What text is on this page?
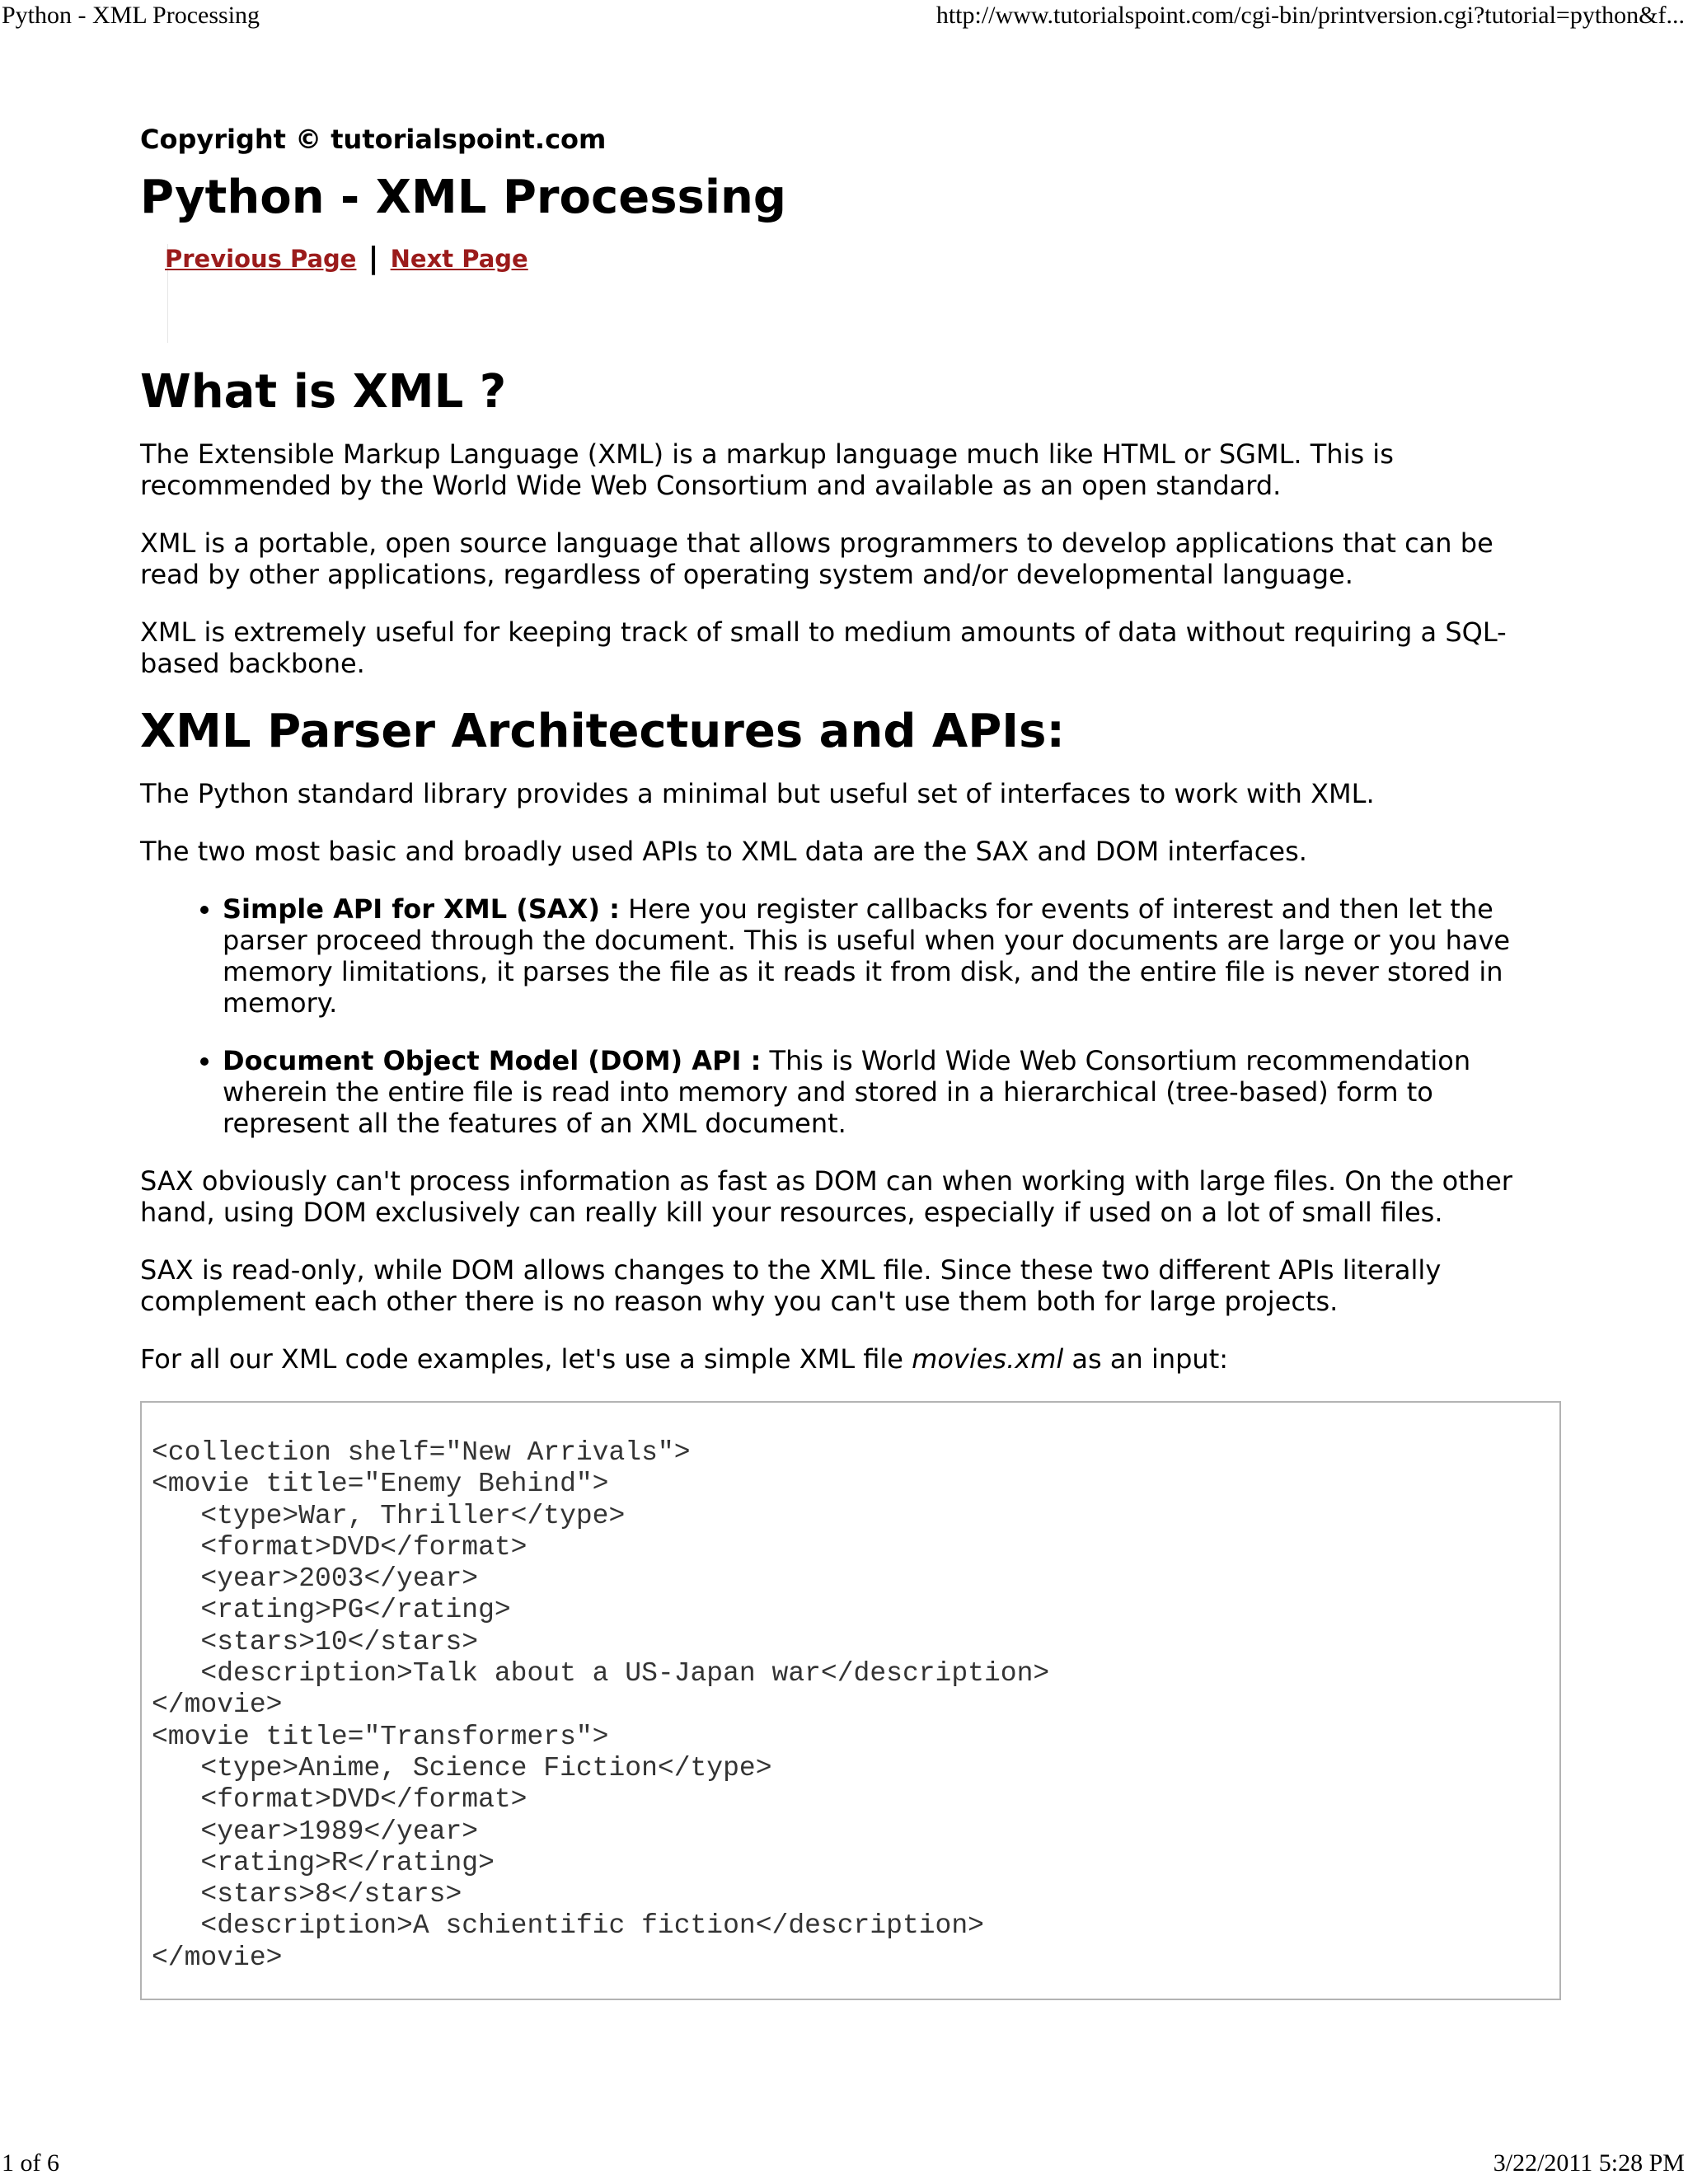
Python - XML Processing	http://www.tutorialspoint.com/cgi-bin/printversion.cgi?tutorial=python&f...
Copyright © tutorialspoint.com
Python - XML Processing
Previous Page | Next Page
What is XML ?

The Extensible Markup Language (XML) is a markup language much like HTML or SGML. This is recommended by the World Wide Web Consortium and available as an open standard.

XML is a portable, open source language that allows programmers to develop applications that can be read by other applications, regardless of operating system and/or developmental language.

XML is extremely useful for keeping track of small to medium amounts of data without requiring a SQL-based backbone.

XML Parser Architectures and APIs:

The Python standard library provides a minimal but useful set of interfaces to work with XML.

The two most basic and broadly used APIs to XML data are the SAX and DOM interfaces.

• Simple API for XML (SAX) : Here you register callbacks for events of interest and then let the parser proceed through the document. This is useful when your documents are large or you have memory limitations, it parses the file as it reads it from disk, and the entire file is never stored in memory.
• Document Object Model (DOM) API : This is World Wide Web Consortium recommendation wherein the entire file is read into memory and stored in a hierarchical (tree-based) form to represent all the features of an XML document.

SAX obviously can't process information as fast as DOM can when working with large files. On the other hand, using DOM exclusively can really kill your resources, especially if used on a lot of small files.

SAX is read-only, while DOM allows changes to the XML file. Since these two different APIs literally complement each other there is no reason why you can't use them both for large projects.

For all our XML code examples, let's use a simple XML file movies.xml as an input:

<collection shelf="New Arrivals">
<movie title="Enemy Behind">
<type>War, Thriller</type>
<format>DVD</format>
<year>2003</year>
<rating>PG</rating>
<stars>10</stars>
<description>Talk about a US-Japan war</description>
</movie>
<movie title="Transformers">
<type>Anime, Science Fiction</type>
<format>DVD</format>
<year>1989</year>
<rating>R</rating>
<stars>8</stars>
<description>A schientific fiction</description>
</movie>
1 of 6	3/22/2011 5:28 PM
